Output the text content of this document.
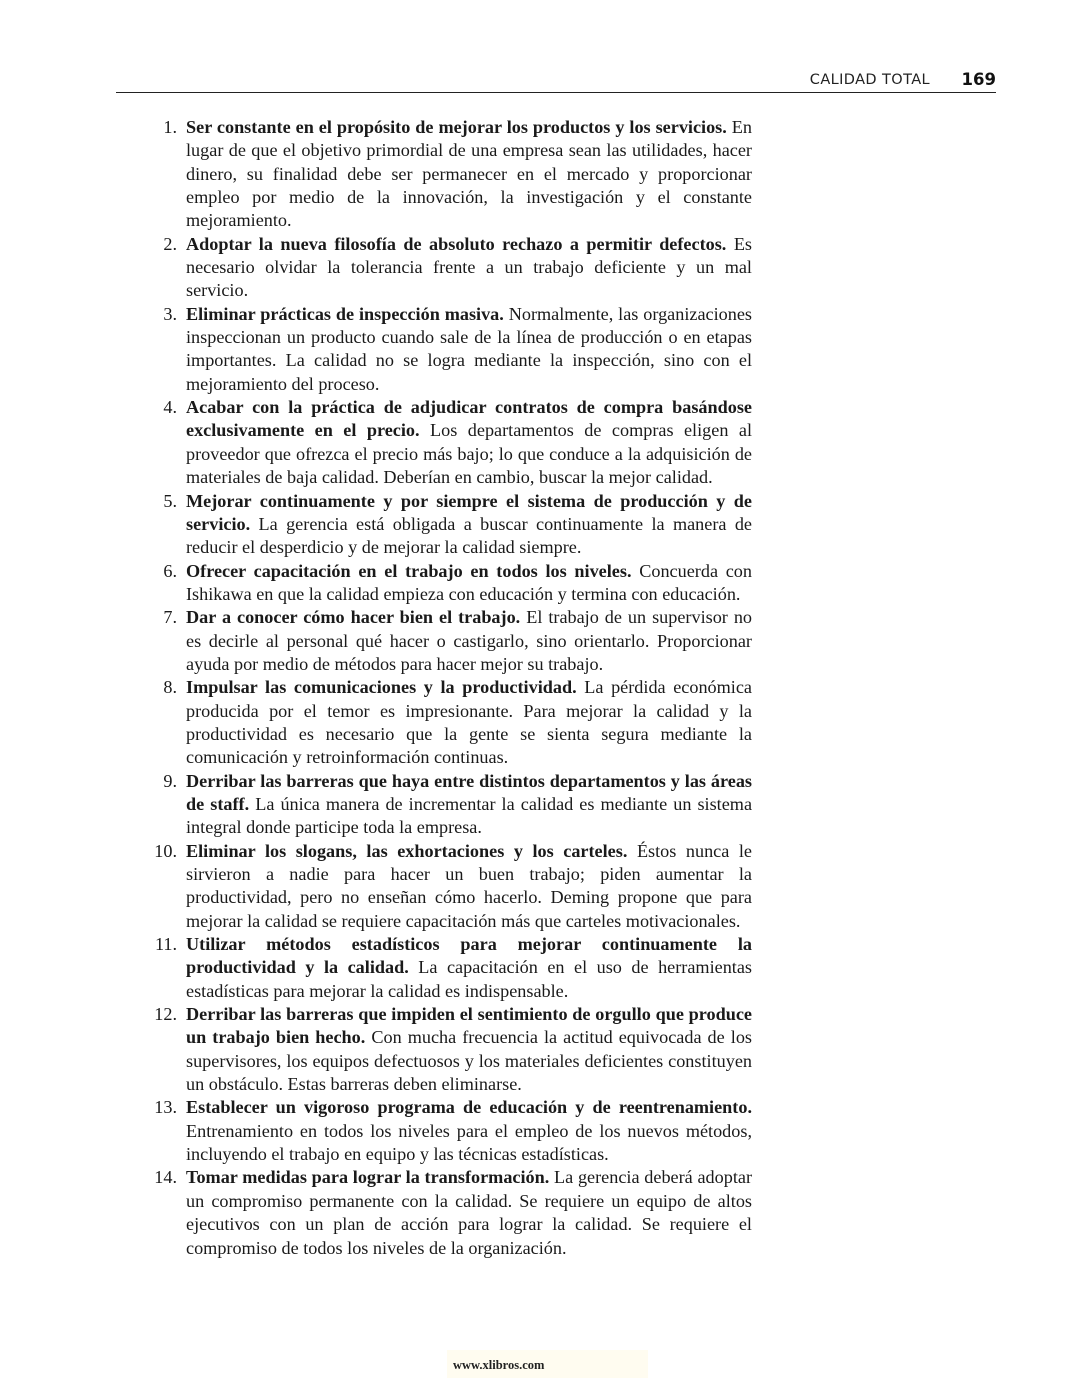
CALIDAD TOTAL 169
1. Ser constante en el propósito de mejorar los productos y los servicios. En lugar de que el objetivo primordial de una empresa sean las utilidades, hacer dinero, su finalidad debe ser permanecer en el mercado y proporcionar empleo por medio de la innovación, la investigación y el constante mejoramiento.
2. Adoptar la nueva filosofía de absoluto rechazo a permitir defectos. Es necesario olvidar la tolerancia frente a un trabajo deficiente y un mal servicio.
3. Eliminar prácticas de inspección masiva. Normalmente, las organizaciones inspeccionan un producto cuando sale de la línea de producción o en etapas importantes. La calidad no se logra mediante la inspección, sino con el mejoramiento del proceso.
4. Acabar con la práctica de adjudicar contratos de compra basándose exclusivamente en el precio. Los departamentos de compras eligen al proveedor que ofrezca el precio más bajo; lo que conduce a la adquisición de materiales de baja calidad. Deberían en cambio, buscar la mejor calidad.
5. Mejorar continuamente y por siempre el sistema de producción y de servicio. La gerencia está obligada a buscar continuamente la manera de reducir el desperdicio y de mejorar la calidad siempre.
6. Ofrecer capacitación en el trabajo en todos los niveles. Concuerda con Ishikawa en que la calidad empieza con educación y termina con educación.
7. Dar a conocer cómo hacer bien el trabajo. El trabajo de un supervisor no es decirle al personal qué hacer o castigarlo, sino orientarlo. Proporcionar ayuda por medio de métodos para hacer mejor su trabajo.
8. Impulsar las comunicaciones y la productividad. La pérdida económica producida por el temor es impresionante. Para mejorar la calidad y la productividad es necesario que la gente se sienta segura mediante la comunicación y retroinformación continuas.
9. Derribar las barreras que haya entre distintos departamentos y las áreas de staff. La única manera de incrementar la calidad es mediante un sistema integral donde participe toda la empresa.
10. Eliminar los slogans, las exhortaciones y los carteles. Éstos nunca le sirvieron a nadie para hacer un buen trabajo; piden aumentar la productividad, pero no enseñan cómo hacerlo. Deming propone que para mejorar la calidad se requiere capacitación más que carteles motivacionales.
11. Utilizar métodos estadísticos para mejorar continuamente la productividad y la calidad. La capacitación en el uso de herramientas estadísticas para mejorar la calidad es indispensable.
12. Derribar las barreras que impiden el sentimiento de orgullo que produce un trabajo bien hecho. Con mucha frecuencia la actitud equivocada de los supervisores, los equipos defectuosos y los materiales deficientes constituyen un obstáculo. Estas barreras deben eliminarse.
13. Establecer un vigoroso programa de educación y de reentrenamiento. Entrenamiento en todos los niveles para el empleo de los nuevos métodos, incluyendo el trabajo en equipo y las técnicas estadísticas.
14. Tomar medidas para lograr la transformación. La gerencia deberá adoptar un compromiso permanente con la calidad. Se requiere un equipo de altos ejecutivos con un plan de acción para lograr la calidad. Se requiere el compromiso de todos los niveles de la organización.
www.xlibros.com
